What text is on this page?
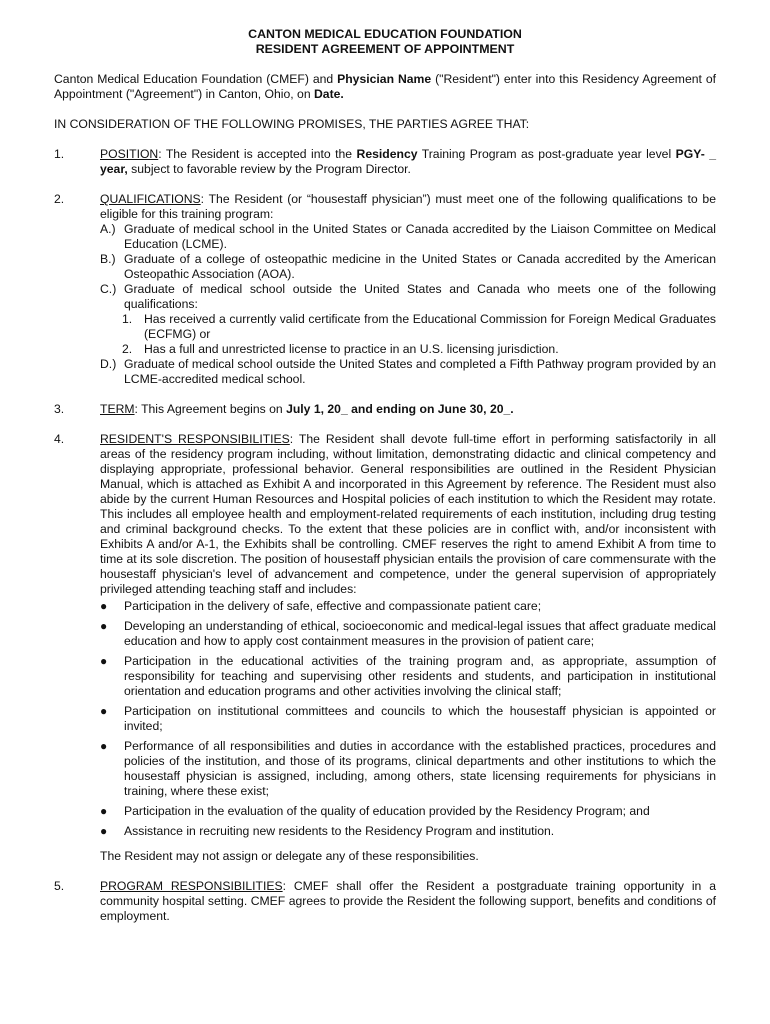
CANTON MEDICAL EDUCATION FOUNDATION
RESIDENT AGREEMENT OF APPOINTMENT

Canton Medical Education Foundation (CMEF) and Physician Name ("Resident") enter into this Residency Agreement of Appointment ("Agreement") in Canton, Ohio, on Date.

IN CONSIDERATION OF THE FOLLOWING PROMISES, THE PARTIES AGREE THAT:

1.	POSITION: The Resident is accepted into the Residency Training Program as post-graduate year level PGY- _ year, subject to favorable review by the Program Director.
2.	QUALIFICATIONS: The Resident (or “housestaff physician”) must meet one of the following qualifications to be eligible for this training program:
A.) Graduate of medical school in the United States or Canada accredited by the Liaison Committee on Medical Education (LCME).
B.) Graduate of a college of osteopathic medicine in the United States or Canada accredited by the American Osteopathic Association (AOA).
C.) Graduate of medical school outside the United States and Canada who meets one of the following qualifications:
1. Has received a currently valid certificate from the Educational Commission for Foreign Medical Graduates (ECFMG) or
2. Has a full and unrestricted license to practice in an U.S. licensing jurisdiction.
D.) Graduate of medical school outside the United States and completed a Fifth Pathway program provided by an LCME-accredited medical school.
3.	TERM: This Agreement begins on July 1, 20_ and ending on June 30, 20_.
4.	RESIDENT'S RESPONSIBILITIES: The Resident shall devote full-time effort in performing satisfactorily in all areas of the residency program including, without limitation, demonstrating didactic and clinical competency and displaying appropriate, professional behavior. General responsibilities are outlined in the Resident Physician Manual, which is attached as Exhibit A and incorporated in this Agreement by reference. The Resident must also abide by the current Human Resources and Hospital policies of each institution to which the Resident may rotate. This includes all employee health and employment-related requirements of each institution, including drug testing and criminal background checks. To the extent that these policies are in conflict with, and/or inconsistent with Exhibits A and/or A-1, the Exhibits shall be controlling. CMEF reserves the right to amend Exhibit A from time to time at its sole discretion. The position of housestaff physician entails the provision of care commensurate with the housestaff physician's level of advancement and competence, under the general supervision of appropriately privileged attending teaching staff and includes:
●	Participation in the delivery of safe, effective and compassionate patient care;
●	Developing an understanding of ethical, socioeconomic and medical-legal issues that affect graduate medical education and how to apply cost containment measures in the provision of patient care;
●	Participation in the educational activities of the training program and, as appropriate, assumption of responsibility for teaching and supervising other residents and students, and participation in institutional orientation and education programs and other activities involving the clinical staff;
●	Participation on institutional committees and councils to which the housestaff physician is appointed or invited;
●	Performance of all responsibilities and duties in accordance with the established practices, procedures and policies of the institution, and those of its programs, clinical departments and other institutions to which the housestaff physician is assigned, including, among others, state licensing requirements for physicians in training, where these exist;
●	Participation in the evaluation of the quality of education provided by the Residency Program; and
●	Assistance in recruiting new residents to the Residency Program and institution.
The Resident may not assign or delegate any of these responsibilities.
5.	PROGRAM RESPONSIBILITIES: CMEF shall offer the Resident a postgraduate training opportunity in a community hospital setting. CMEF agrees to provide the Resident the following support, benefits and conditions of employment.
